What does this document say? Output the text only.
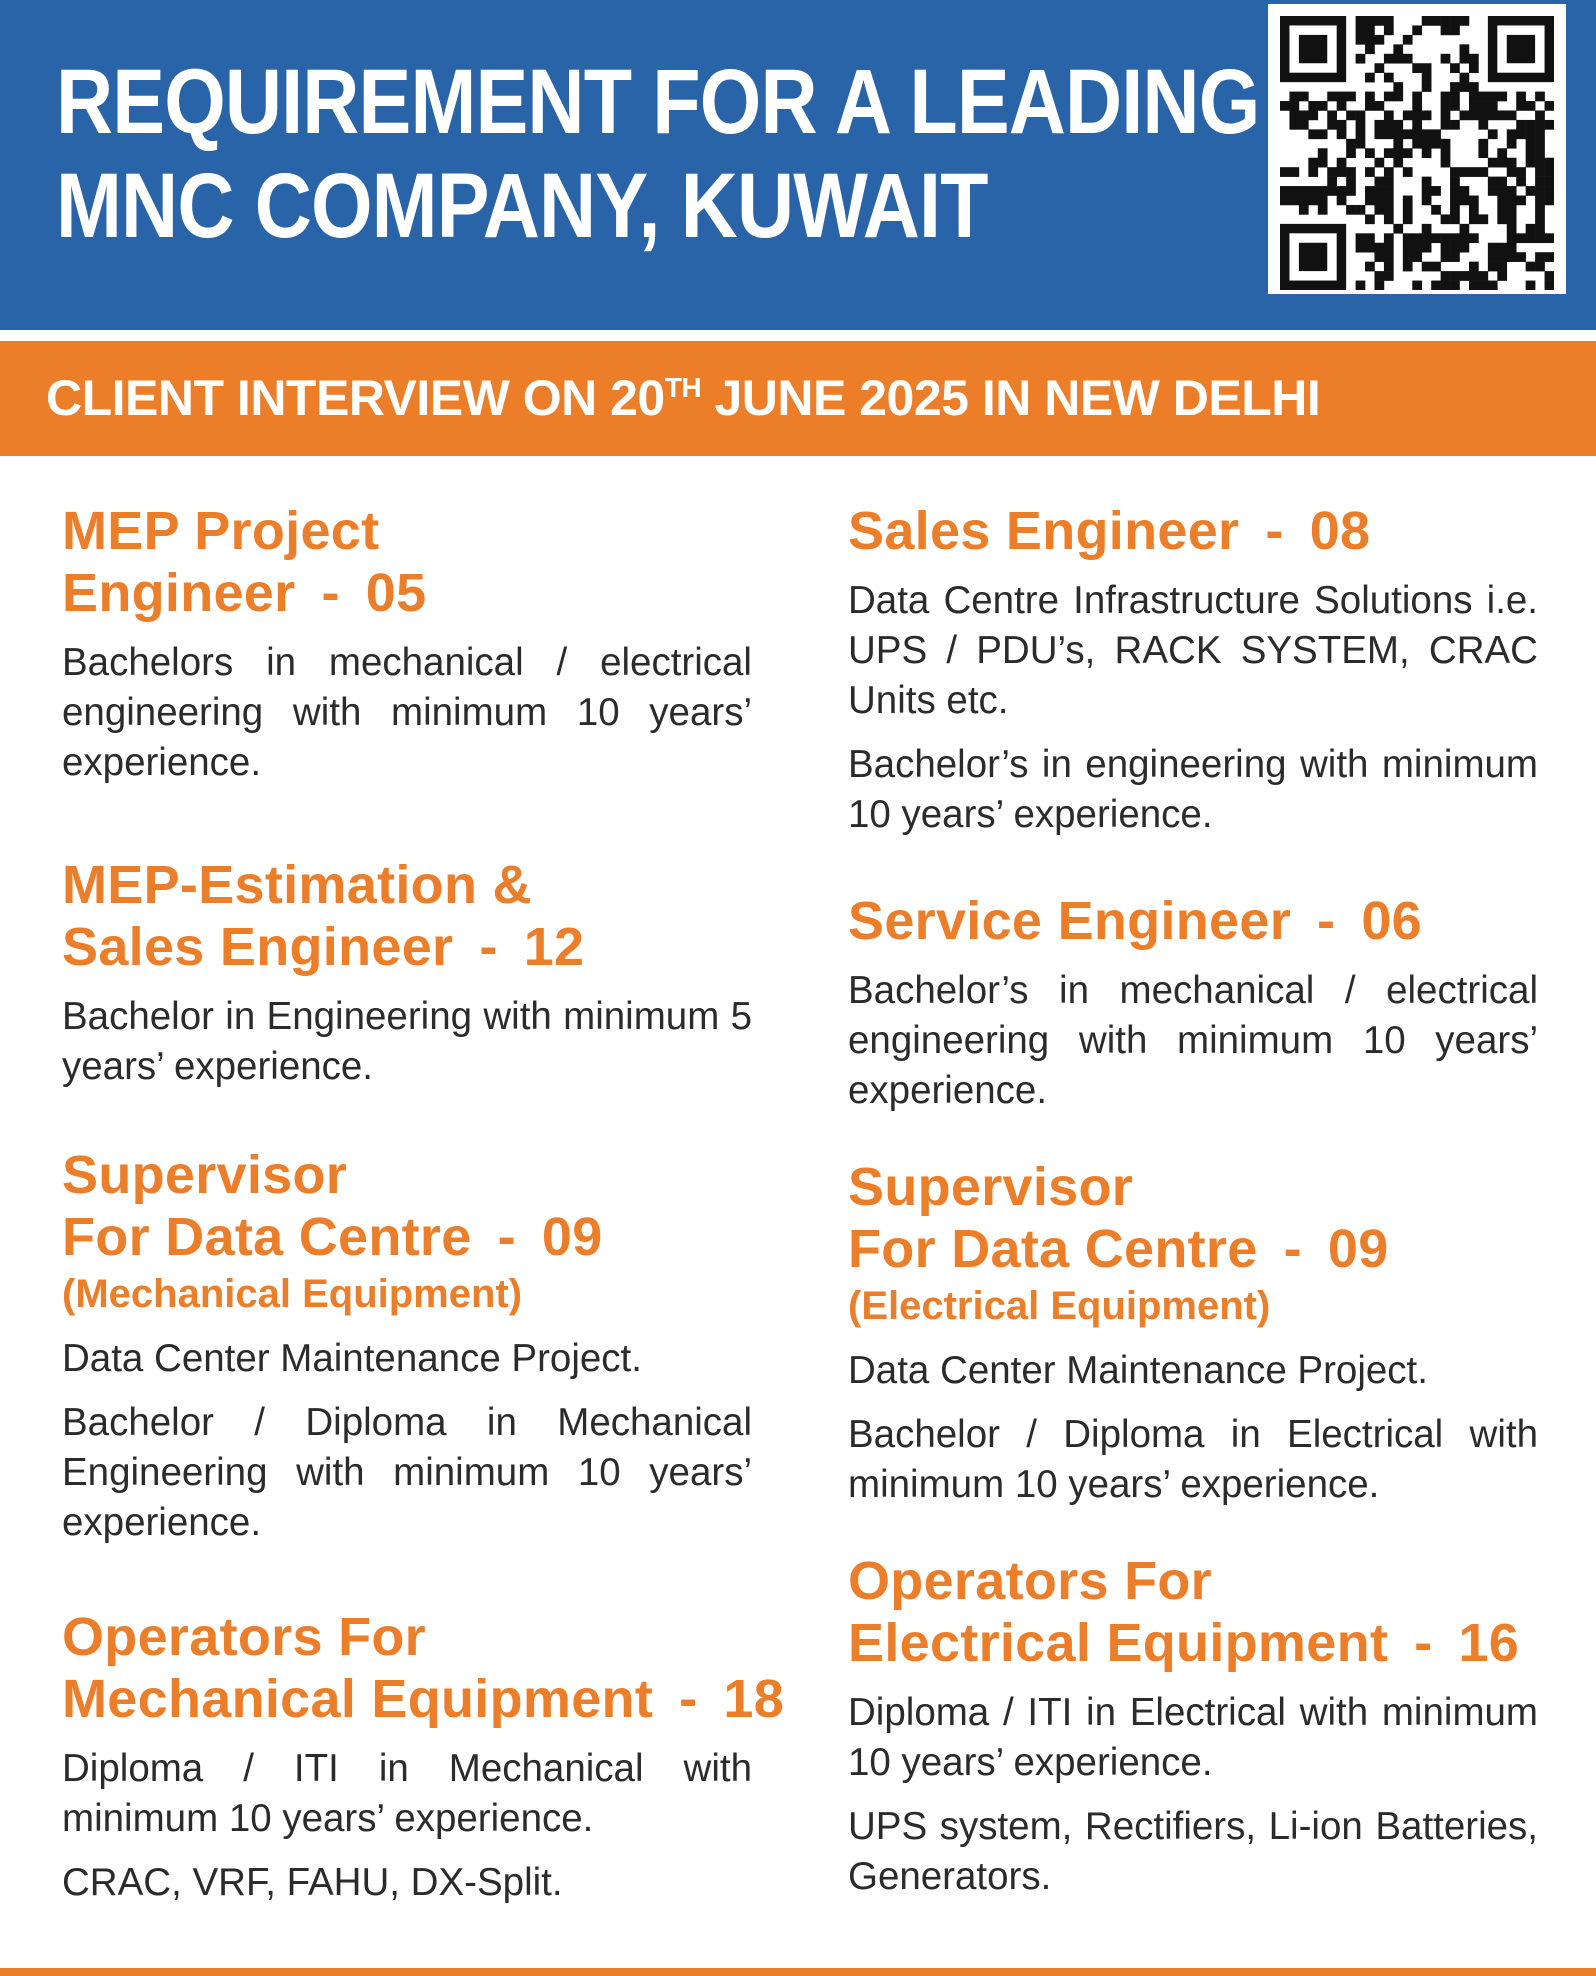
REQUIREMENT FOR A LEADING
MNC COMPANY, KUWAIT
CLIENT INTERVIEW ON 20TH JUNE 2025 IN NEW DELHI
MEP Project
Engineer - 05

Bachelors in mechanical / electrical engineering with minimum 10 years’ experience.

MEP-Estimation &
Sales Engineer - 12

Bachelor in Engineering with minimum 5 years’ experience.

Supervisor
For Data Centre - 09
(Mechanical Equipment)

Data Center Maintenance Project.

Bachelor / Diploma in Mechanical Engineering with minimum 10 years’ experience.

Operators For
Mechanical Equipment - 18

Diploma / ITI in Mechanical with minimum 10 years’ experience.

CRAC, VRF, FAHU, DX-Split.

Sales Engineer - 08

Data Centre Infrastructure Solutions i.e. UPS / PDU’s, RACK SYSTEM, CRAC Units etc.

Bachelor’s in engineering with minimum 10 years’ experience.

Service Engineer - 06

Bachelor’s in mechanical / electrical engineering with minimum 10 years’ experience.

Supervisor
For Data Centre - 09
(Electrical Equipment)

Data Center Maintenance Project.

Bachelor / Diploma in Electrical with minimum 10 years’ experience.

Operators For
Electrical Equipment - 16

Diploma / ITI in Electrical with minimum 10 years’ experience.

UPS system, Rectifiers, Li-ion Batteries, Generators.
